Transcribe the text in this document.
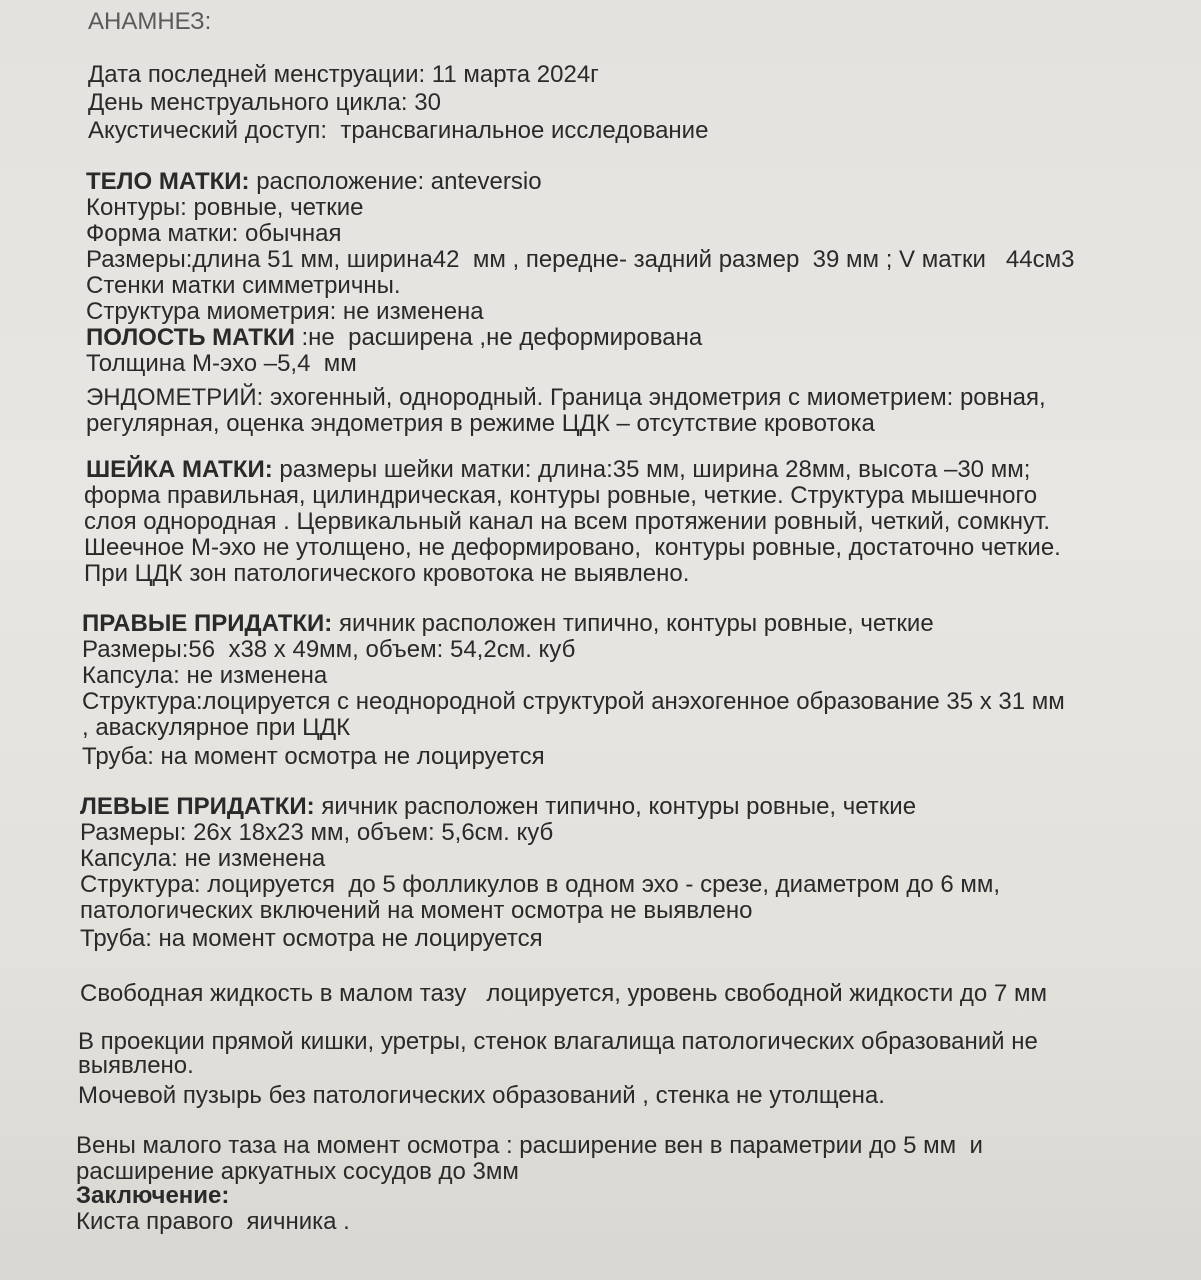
АНАМНЕЗ:
Дата последней менструации: 11 марта 2024г
День менструального цикла: 30
Акустический доступ:  трансвагинальное исследование
ТЕЛО МАТКИ: расположение: anteversio
Контуры: ровные, четкие
Форма матки: обычная
Размеры:длина 51 мм, ширина42  мм , передне- задний размер  39 мм ; V матки   44см3
Стенки матки симметричны.
Структура миометрия: не изменена
ПОЛОСТЬ МАТКИ :не  расширена ,не деформирована
Толщина М-эхо –5,4  мм
ЭНДОМЕТРИЙ: эхогенный, однородный. Граница эндометрия с миометрием: ровная,
регулярная, оценка эндометрия в режиме ЦДК – отсутствие кровотока
ШЕЙКА МАТКИ: размеры шейки матки: длина:35 мм, ширина 28мм, высота –30 мм;
форма правильная, цилиндрическая, контуры ровные, четкие. Структура мышечного
слоя однородная . Цервикальный канал на всем протяжении ровный, четкий, сомкнут.
Шеечное М-эхо не утолщено, не деформировано,  контуры ровные, достаточно четкие.
При ЦДК зон патологического кровотока не выявлено.
ПРАВЫЕ ПРИДАТКИ: яичник расположен типично, контуры ровные, четкие
Размеры:56  х38 х 49мм, объем: 54,2см. куб
Капсула: не изменена
Структура:лоцируется с неоднородной структурой анэхогенное образование 35 х 31 мм
, аваскулярное при ЦДК
Труба: на момент осмотра не лоцируется
ЛЕВЫЕ ПРИДАТКИ: яичник расположен типично, контуры ровные, четкие
Размеры: 26х 18х23 мм, объем: 5,6см. куб
Капсула: не изменена
Структура: лоцируется  до 5 фолликулов в одном эхо - срезе, диаметром до 6 мм,
патологических включений на момент осмотра не выявлено
Труба: на момент осмотра не лоцируется
Свободная жидкость в малом тазу   лоцируется, уровень свободной жидкости до 7 мм
В проекции прямой кишки, уретры, стенок влагалища патологических образований не
выявлено.
Мочевой пузырь без патологических образований , стенка не утолщена.
Вены малого таза на момент осмотра : расширение вен в параметрии до 5 мм  и
расширение аркуатных сосудов до 3мм
Заключение:
Киста правого  яичника .
